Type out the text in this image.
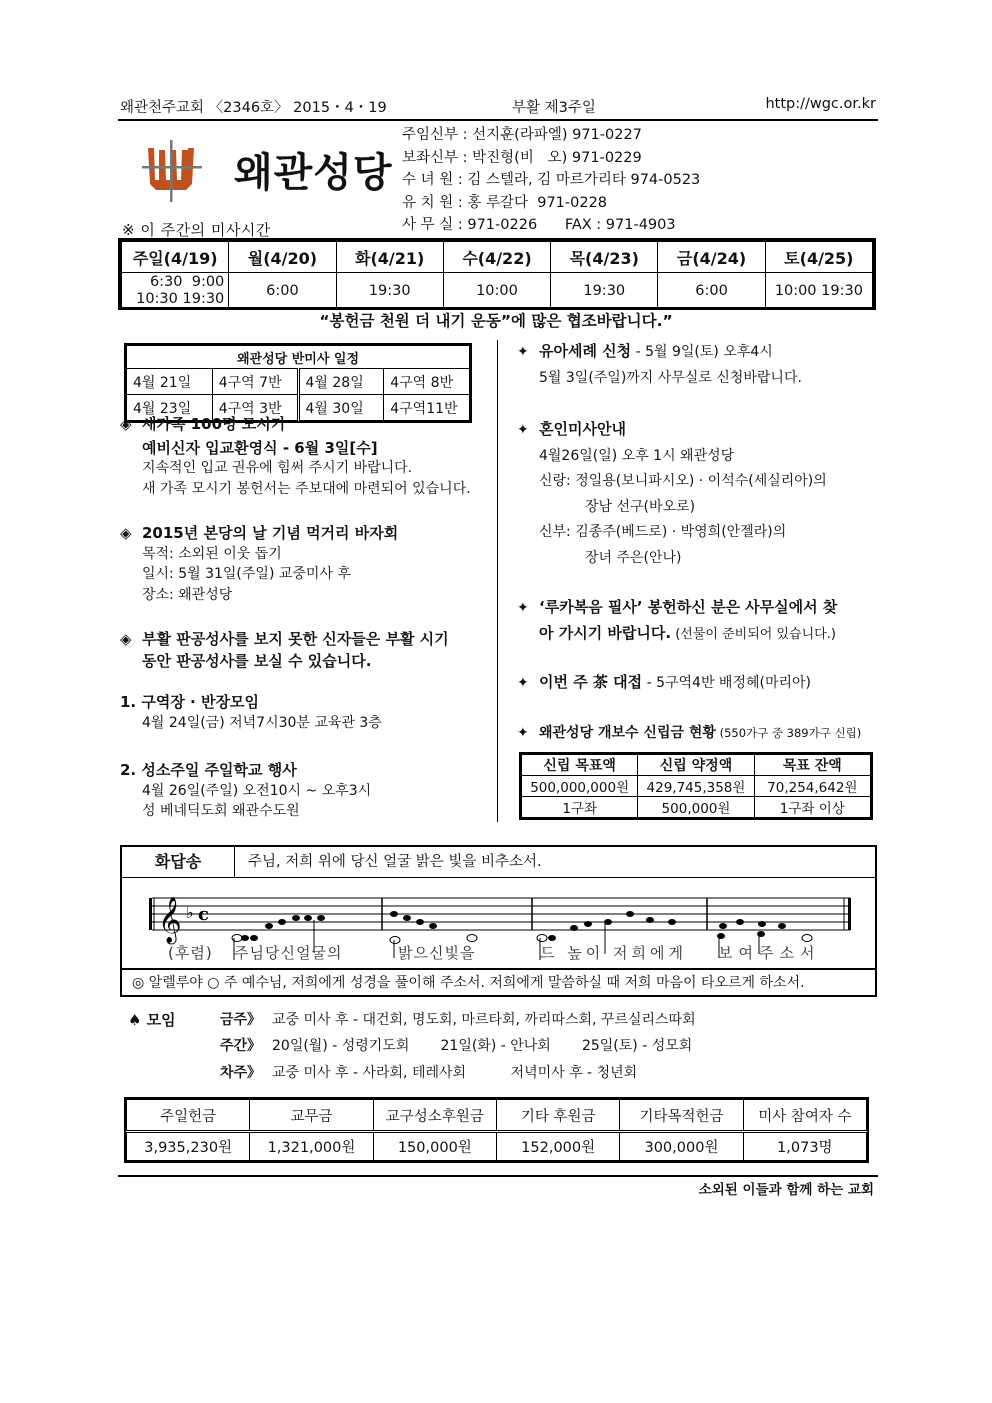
왜관천주교회 〈2346호〉 2015・4・19	부활 제3주일	http://wgc.or.kr
왜관성당
주임신부 : 선지훈(라파엘) 971-0227
보좌신부 : 박진형(비   오) 971-0229
수 녀 원 : 김 스텔라, 김 마르가리타 974-0523
유 치 원 : 홍 루갈다  971-0228
사 무 실 : 971-0226      FAX : 971-4903
※ 이 주간의 미사시간
주일(4/19)	월(4/20)	화(4/21)	수(4/22)	목(4/23)	금(4/24)	토(4/25)

6:30  9:00
10:30 19:30	6:00	19:30	10:00	19:30	6:00	10:00 19:30
“봉헌금 천원 더 내기 운동”에 많은 협조바랍니다.”
왜관성당 반미사 일정			
4월 21일	4구역 7반	4월 28일	4구역 8반
4월 23일	4구역 3반	4월 30일	4구역11반
◈ 새가족 100명 모시기
예비신자 입교환영식 - 6월 3일[수]
지속적인 입교 권유에 힘써 주시기 바랍니다.
새 가족 모시기 봉헌서는 주보대에 마련되어 있습니다.
◈ 2015년 본당의 날 기념 먹거리 바자회
목적: 소외된 이웃 돕기
일시: 5월 31일(주일) 교중미사 후
장소: 왜관성당
◈ 부활 판공성사를 보지 못한 신자들은 부활 시기
동안 판공성사를 보실 수 있습니다.
1. 구역장 · 반장모임
4월 24일(금) 저녁7시30분 교육관 3층
2. 성소주일 주일학교 행사
4월 26일(주일) 오전10시 ~ 오후3시
성 베네딕도회 왜관수도원
✦ 유아세례 신청 - 5월 9일(토) 오후4시
5월 3일(주일)까지 사무실로 신청바랍니다.
✦ 혼인미사안내
4월26일(일) 오후 1시 왜관성당
신랑: 정일용(보니파시오) · 이석수(세실리아)의
장남 선구(바오로)
신부: 김종주(베드로) · 박영희(안젤라)의
장녀 주은(안나)
✦ ‘루카복음 필사’ 봉헌하신 분은 사무실에서 찾
아 가시기 바랍니다. (선물이 준비되어 있습니다.)
✦ 이번 주 茶 대접 - 5구역4반 배정혜(마리아)
✦ 왜관성당 개보수 신립금 현황 (550가구 중 389가구 신립)
신립 목표액	신립 약정액	목표 잔액
500,000,000원	429,745,358원	70,254,642원
1구좌	500,000원	1구좌 이상
화답송	주님, 저희 위에 당신 얼굴 밝은 빛을 비추소서.
𝄞 ♭ c
(후렴) 주님당신얼굴의	밝으신빛을	드 높이 저희에게 보여주소서
◎ 알렐루야 ○ 주 예수님, 저희에게 성경을 풀이해 주소서. 저희에게 말씀하실 때 저희 마음이 타오르게 하소서.
♠ 모임	금주》 교중 미사 후 - 대건회, 명도회, 마르타회, 까리따스회, 꾸르실리스따회
주간》 20일(월) - 성령기도회       21일(화) - 안나회       25일(토) - 성모회
차주》 교중 미사 후 - 사라회, 테레사회          저녁미사 후 - 청년회
주일헌금	교무금	교구성소후원금	기타 후원금	기타목적헌금	미사 참여자 수
3,935,230원	1,321,000원	150,000원	152,000원	300,000원	1,073명
소외된 이들과 함께 하는 교회
